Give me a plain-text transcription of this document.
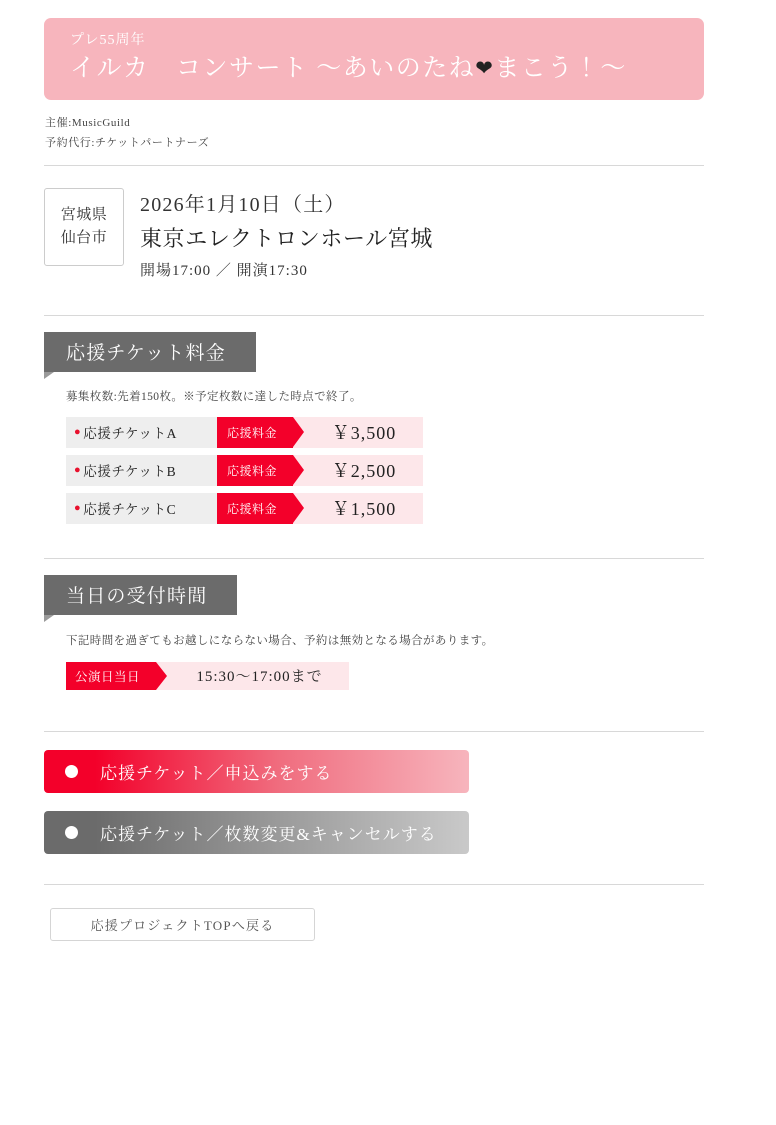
プレ55周年
イルカ　コンサート 〜あいのたね❤まこう！〜
主催:MusicGuild
予約代行:チケットパートナーズ
宮城県
仙台市
2026年1月10日（土）
東京エレクトロンホール宮城
開場17:00 ／ 開演17:30
応援チケット料金
募集枚数:先着150枚。※予定枚数に達した時点で終了。
● 応援チケットA	応援料金	￥3,500
● 応援チケットB	応援料金	￥2,500
● 応援チケットC	応援料金	￥1,500
当日の受付時間
下記時間を過ぎてもお越しにならない場合、予約は無効となる場合があります。
公演日当日	15:30〜17:00まで
応援チケット／申込みをする
応援チケット／枚数変更&キャンセルする
応援プロジェクトTOPへ戻る
